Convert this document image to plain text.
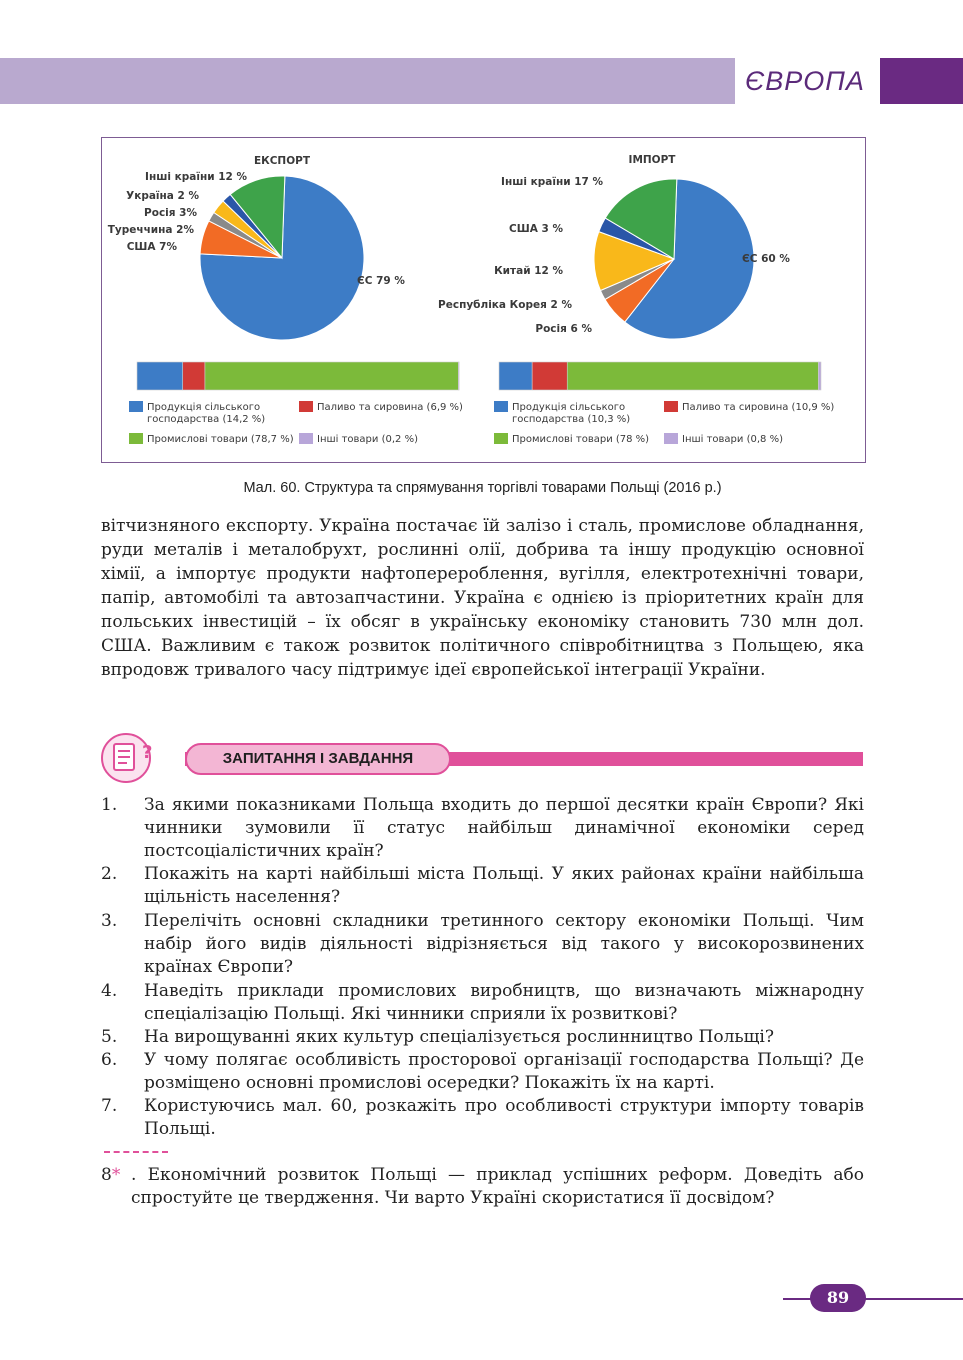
ЄВРОПА
ЕКСПОРТ	ІМПОРТ
ЄС 79 %
США 7%
Туреччина 2%
Росія 3%
Україна 2 %
Інші країни 12 %
ЄС 60 %
Росія 6 %
Республіка Корея 2 %
Китай 12 %
США 3 %
Інші країни 17 %
Продукція сільського господарства (14,2 %)
Паливо та сировина (6,9 %)
Промислові товари (78,7 %) Інші товари (0,2 %)
Продукція сільського господарства (10,3 %)
Паливо та сировина (10,9 %)
Промислові товари (78 %)	Інші товари (0,8 %)
Мал. 60. Структура та спрямування торгівлі товарами Польщі (2016 р.)
вітчизняного експорту. Україна постачає їй залізо і сталь, промислове обладнання, руди металів і металобрухт, рослинні олії, добрива та іншу продукцію основної хімії, а імпортує продукти нафтоперероблення, вугілля, електротехнічні товари, папір, автомобілі та автозапчастини. Україна є однією із пріоритетних країн для польських інвестицій – їх обсяг в українську економіку становить 730 млн дол. США. Важливим є також розвиток політичного співробітництва з Польщею, яка впродовж тривалого часу підтримує ідеї європейської інтеграції України.
?	ЗАПИТАННЯ І ЗАВДАННЯ
1.	За якими показниками Польща входить до першої десятки країн Європи? Які чинники зумовили її статус найбільш динамічної економіки серед постсоціалістичних країн?
2.	Покажіть на карті найбільші міста Польщі. У яких районах країни найбільша щільність населення?
3.	Перелічіть основні складники третинного сектору економіки Польщі. Чим набір його видів діяльності відрізняється від такого у високорозвинених країнах Європи?
4.	Наведіть приклади промислових виробництв, що визначають міжнародну спеціалізацію Польщі. Які чинники сприяли їх розвиткові?
5.	На вирощуванні яких культур спеціалізується рослинництво Польщі?
6.	У чому полягає особливість просторової організації господарства Польщі? Де розміщено основні промислові осередки? Покажіть їх на карті.
7.	Користуючись мал. 60, розкажіть про особливості структури імпорту товарів Польщі.
8* . Економічний розвиток Польщі — приклад успішних реформ. Доведіть або спростуйте це твердження. Чи варто Україні скористатися її досвідом?
89
